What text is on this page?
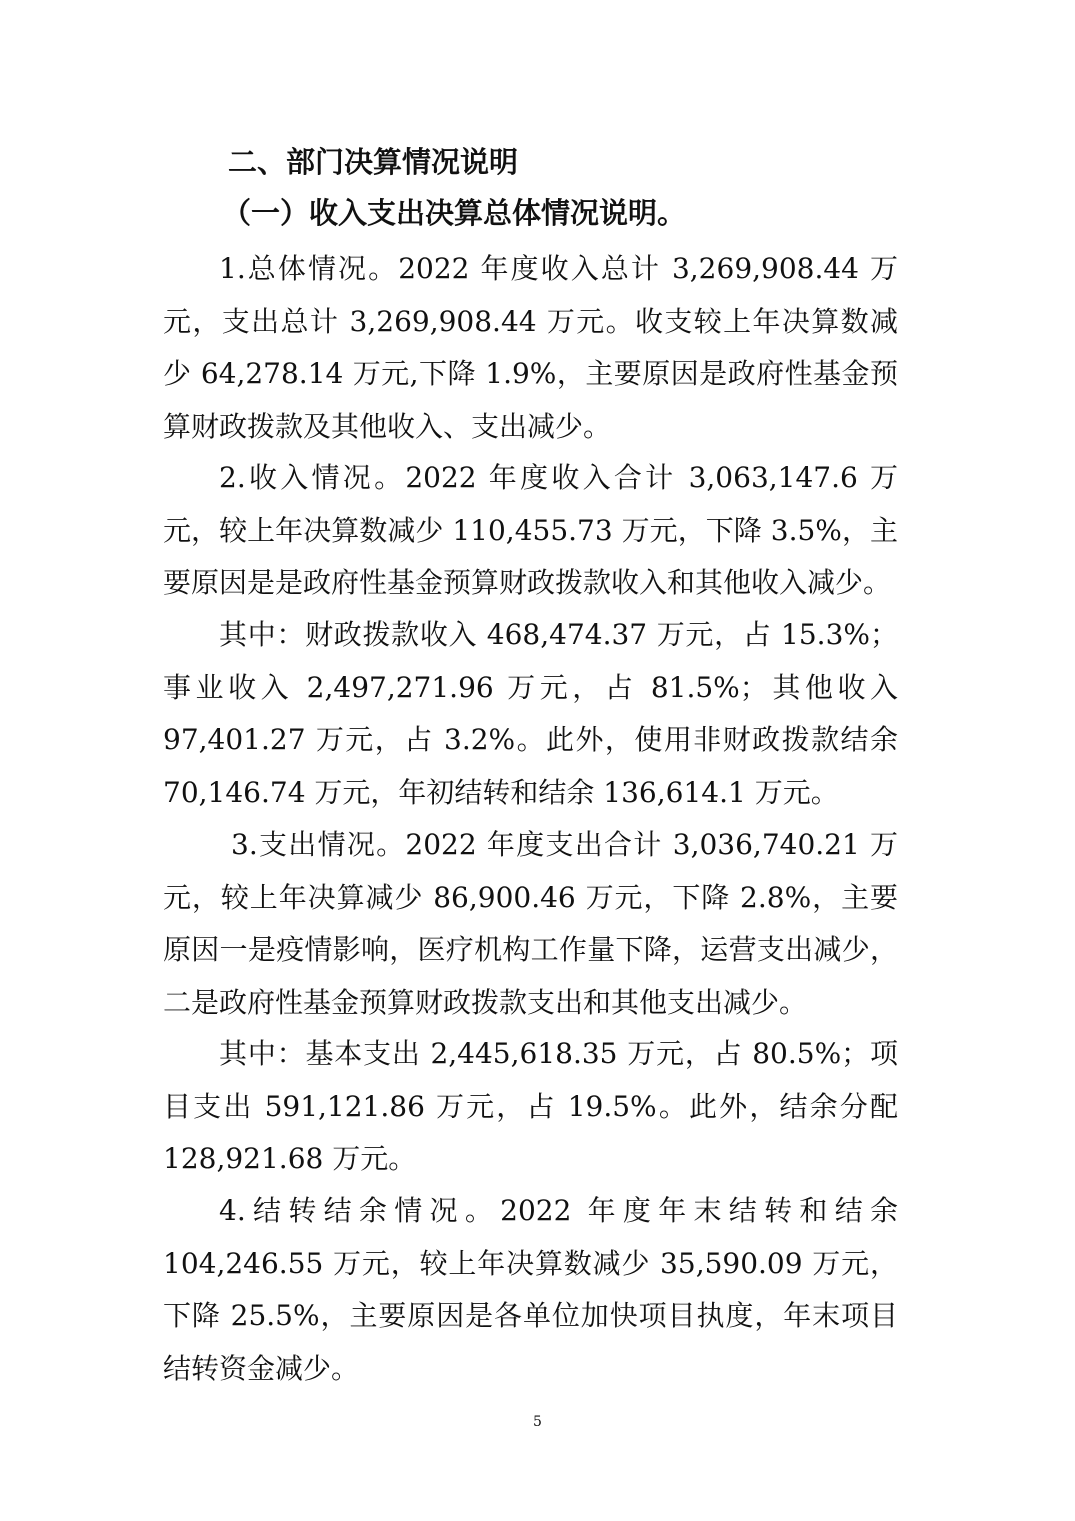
二、部门决算情况说明
（一）收入支出决算总体情况说明。

1.总体情况。2022 年度收入总计 3,269,908.44 万元，支出总计 3,269,908.44 万元。收支较上年决算数减少 64,278.14 万元,下降 1.9%，主要原因是政府性基金预算财政拨款及其他收入、支出减少。

2.收入情况。2022 年度收入合计 3,063,147.6 万元，较上年决算数减少 110,455.73 万元，下降 3.5%，主要原因是是政府性基金预算财政拨款收入和其他收入减少。

其中：财政拨款收入 468,474.37 万元，占 15.3%；事业收入 2,497,271.96 万元，占 81.5%；其他收入 97,401.27 万元，占 3.2%。此外，使用非财政拨款结余 70,146.74 万元，年初结转和结余 136,614.1 万元。

3.支出情况。2022 年度支出合计 3,036,740.21 万元，较上年决算减少 86,900.46 万元，下降 2.8%，主要原因一是疫情影响，医疗机构工作量下降，运营支出减少，二是政府性基金预算财政拨款支出和其他支出减少。

其中：基本支出 2,445,618.35 万元，占 80.5%；项目支出 591,121.86 万元，占 19.5%。此外，结余分配 128,921.68 万元。

4.结转结余情况。2022 年度年末结转和结余 104,246.55 万元，较上年决算数减少 35,590.09 万元，下降 25.5%，主要原因是各单位加快项目执度，年末项目结转资金减少。

5
